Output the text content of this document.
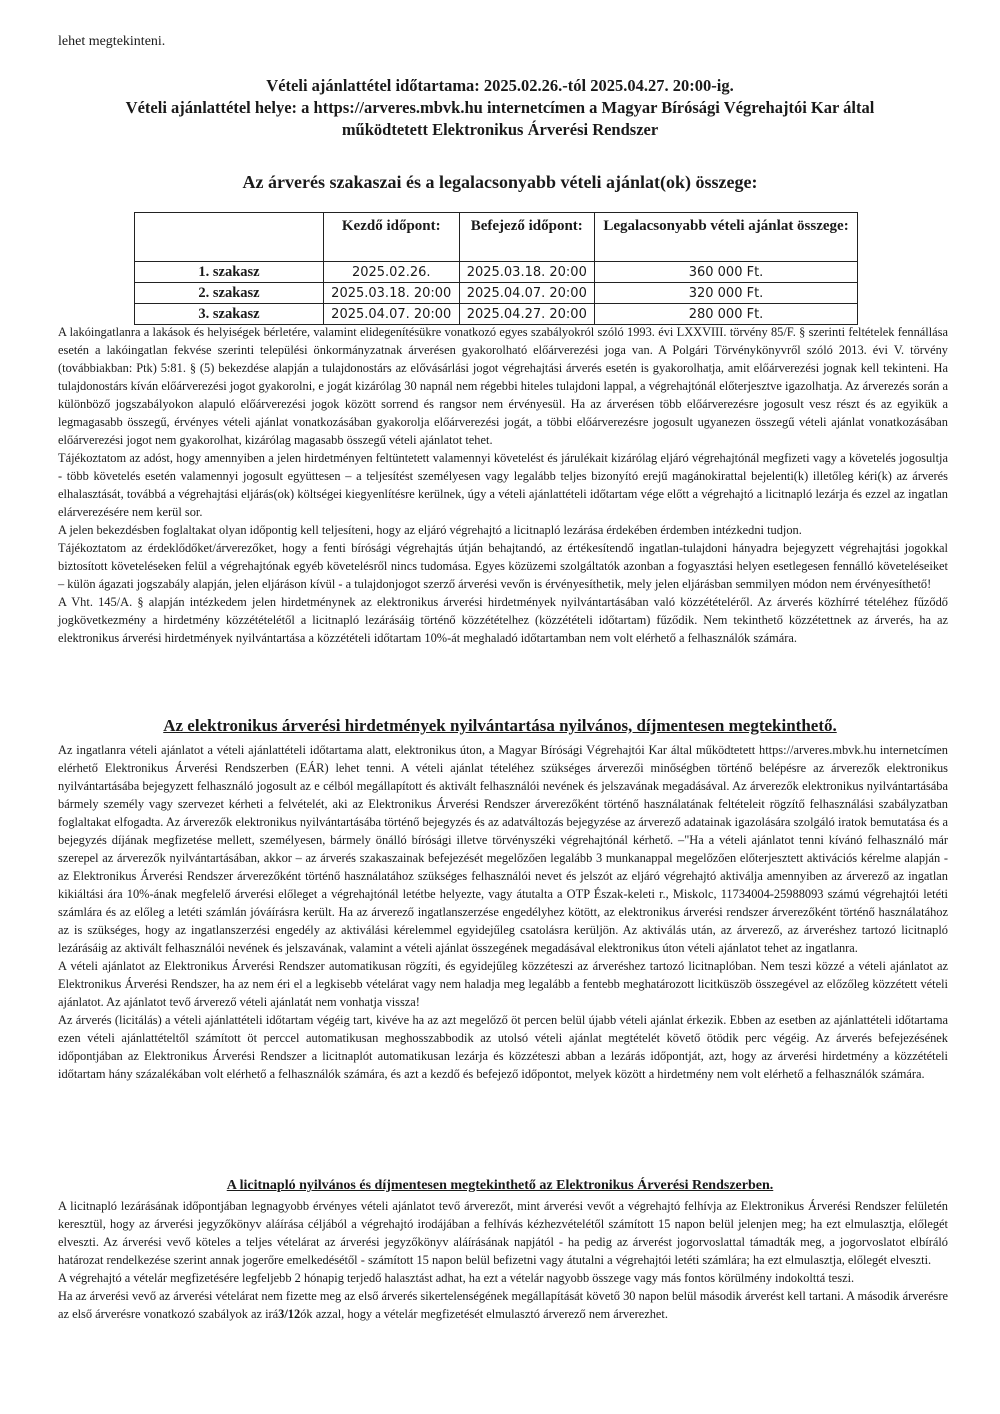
lehet megtekinteni.
Vételi ajánlattétel időtartama: 2025.02.26.-tól 2025.04.27. 20:00-ig.
Vételi ajánlattétel helye: a https://arveres.mbvk.hu internetcímen a Magyar Bírósági Végrehajtói Kar által
működtetett Elektronikus Árverési Rendszer
Az árverés szakaszai és a legalacsonyabb vételi ajánlat(ok) összege:
	Kezdő időpont:	Befejező időpont:	Legalacsonyabb vételi ajánlat összege:
1. szakasz	2025.02.26.	2025.03.18. 20:00	360 000 Ft.
2. szakasz	2025.03.18. 20:00	2025.04.07. 20:00	320 000 Ft.
3. szakasz	2025.04.07. 20:00	2025.04.27. 20:00	280 000 Ft.

A lakóingatlanra a lakások és helyiségek bérletére, valamint elidegenítésükre vonatkozó egyes szabályokról szóló 1993. évi LXXVIII. törvény 85/F. § szerinti feltételek fennállása esetén a lakóingatlan fekvése szerinti települési önkormányzatnak árverésen gyakorolható előárverezési joga van. A Polgári Törvénykönyvről szóló 2013. évi V. törvény (továbbiakban: Ptk) 5:81. § (5) bekezdése alapján a tulajdonostárs az elővásárlási jogot végrehajtási árverés esetén is gyakorolhatja, amit előárverezési jognak kell tekinteni. Ha tulajdonostárs kíván előárverezési jogot gyakorolni, e jogát kizárólag 30 napnál nem régebbi hiteles tulajdoni lappal, a végrehajtónál előterjesztve igazolhatja. Az árverezés során a különböző jogszabályokon alapuló előárverezési jogok között sorrend és rangsor nem érvényesül. Ha az árverésen több előárverezésre jogosult vesz részt és az egyikük a legmagasabb összegű, érvényes vételi ajánlat vonatkozásában gyakorolja előárverezési jogát, a többi előárverezésre jogosult ugyanezen összegű vételi ajánlat vonatkozásában előárverezési jogot nem gyakorolhat, kizárólag magasabb összegű vételi ajánlatot tehet.

Tájékoztatom az adóst, hogy amennyiben a jelen hirdetményen feltüntetett valamennyi követelést és járulékait kizárólag eljáró végrehajtónál megfizeti vagy a követelés jogosultja - több követelés esetén valamennyi jogosult együttesen – a teljesítést személyesen vagy legalább teljes bizonyító erejű magánokirattal bejelenti(k) illetőleg kéri(k) az árverés elhalasztását, továbbá a végrehajtási eljárás(ok) költségei kiegyenlítésre kerülnek, úgy a vételi ajánlattételi időtartam vége előtt a végrehajtó a licitnapló lezárja és ezzel az ingatlan elárverezésére nem kerül sor.

A jelen bekezdésben foglaltakat olyan időpontig kell teljesíteni, hogy az eljáró végrehajtó a licitnapló lezárása érdekében érdemben intézkedni tudjon.

Tájékoztatom az érdeklődőket/árverezőket, hogy a fenti bírósági végrehajtás útján behajtandó, az értékesítendő ingatlan-tulajdoni hányadra bejegyzett végrehajtási jogokkal biztosított követeléseken felül a végrehajtónak egyéb követelésről nincs tudomása. Egyes közüzemi szolgáltatók azonban a fogyasztási helyen esetlegesen fennálló követeléseiket – külön ágazati jogszabály alapján, jelen eljáráson kívül - a tulajdonjogot szerző árverési vevőn is érvényesíthetik, mely jelen eljárásban semmilyen módon nem érvényesíthető!

A Vht. 145/A. § alapján intézkedem jelen hirdetménynek az elektronikus árverési hirdetmények nyilvántartásában való közzétételéről. Az árverés közhírré tételéhez fűződő jogkövetkezmény a hirdetmény közzétételétől a licitnapló lezárásáig történő közzétételhez (közzétételi időtartam) fűződik. Nem tekinthető közzétettnek az árverés, ha az elektronikus árverési hirdetmények nyilvántartása a közzétételi időtartam 10%-át meghaladó időtartamban nem volt elérhető a felhasználók számára.

Az elektronikus árverési hirdetmények nyilvántartása nyilvános, díjmentesen megtekinthető.

Az ingatlanra vételi ajánlatot a vételi ajánlattételi időtartama alatt, elektronikus úton, a Magyar Bírósági Végrehajtói Kar által működtetett https://arveres.mbvk.hu internetcímen elérhető Elektronikus Árverési Rendszerben (EÁR) lehet tenni. A vételi ajánlat tételéhez szükséges árverezői minőségben történő belépésre az árverezők elektronikus nyilvántartásába bejegyzett felhasználó jogosult az e célból megállapított és aktivált felhasználói nevének és jelszavának megadásával. Az árverezők elektronikus nyilvántartásába bármely személy vagy szervezet kérheti a felvételét, aki az Elektronikus Árverési Rendszer árverezőként történő használatának feltételeit rögzítő felhasználási szabályzatban foglaltakat elfogadta. Az árverezők elektronikus nyilvántartásába történő bejegyzés és az adatváltozás bejegyzése az árverező adatainak igazolására szolgáló iratok bemutatása és a bejegyzés díjának megfizetése mellett, személyesen, bármely önálló bírósági illetve törvényszéki végrehajtónál kérhető. –"Ha a vételi ajánlatot tenni kívánó felhasználó már szerepel az árverezők nyilvántartásában, akkor – az árverés szakaszainak befejezését megelőzően legalább 3 munkanappal megelőzően előterjesztett aktivációs kérelme alapján - az Elektronikus Árverési Rendszer árverezőként történő használatához szükséges felhasználói nevet és jelszót az eljáró végrehajtó aktiválja amennyiben az árverező az ingatlan kikiáltási ára 10%-ának megfelelő árverési előleget a végrehajtónál letétbe helyezte, vagy átutalta a OTP Észak-keleti r., Miskolc, 11734004-25988093 számú végrehajtói letéti számlára és az előleg a letéti számlán jóváírásra került. Ha az árverező ingatlanszerzése engedélyhez kötött, az elektronikus árverési rendszer árverezőként történő használatához az is szükséges, hogy az ingatlanszerzési engedély az aktiválási kérelemmel egyidejűleg csatolásra kerüljön. Az aktiválás után, az árverező, az árveréshez tartozó licitnapló lezárásáig az aktivált felhasználói nevének és jelszavának, valamint a vételi ajánlat összegének megadásával elektronikus úton vételi ajánlatot tehet az ingatlanra.

A vételi ajánlatot az Elektronikus Árverési Rendszer automatikusan rögzíti, és egyidejűleg közzéteszi az árveréshez tartozó licitnaplóban. Nem teszi közzé a vételi ajánlatot az Elektronikus Árverési Rendszer, ha az nem éri el a legkisebb vételárat vagy nem haladja meg legalább a fentebb meghatározott licitküszöb összegével az előzőleg közzétett vételi ajánlatot. Az ajánlatot tevő árverező vételi ajánlatát nem vonhatja vissza!

Az árverés (licitálás) a vételi ajánlattételi időtartam végéig tart, kivéve ha az azt megelőző öt percen belül újabb vételi ajánlat érkezik. Ebben az esetben az ajánlattételi időtartama ezen vételi ajánlattételtől számított öt perccel automatikusan meghosszabbodik az utolsó vételi ajánlat megtételét követő ötödik perc végéig. Az árverés befejezésének időpontjában az Elektronikus Árverési Rendszer a licitnaplót automatikusan lezárja és közzéteszi abban a lezárás időpontját, azt, hogy az árverési hirdetmény a közzétételi időtartam hány százalékában volt elérhető a felhasználók számára, és azt a kezdő és befejező időpontot, melyek között a hirdetmény nem volt elérhető a felhasználók számára.

A licitnapló nyilvános és díjmentesen megtekinthető az Elektronikus Árverési Rendszerben.

A licitnapló lezárásának időpontjában legnagyobb érvényes vételi ajánlatot tevő árverezőt, mint árverési vevőt a végrehajtó felhívja az Elektronikus Árverési Rendszer felületén keresztül, hogy az árverési jegyzőkönyv aláírása céljából a végrehajtó irodájában a felhívás kézhezvételétől számított 15 napon belül jelenjen meg; ha ezt elmulasztja, előlegét elveszti. Az árverési vevő köteles a teljes vételárat az árverési jegyzőkönyv aláírásának napjától - ha pedig az árverést jogorvoslattal támadták meg, a jogorvoslatot elbíráló határozat rendelkezése szerint annak jogerőre emelkedésétől - számított 15 napon belül befizetni vagy átutalni a végrehajtói letéti számlára; ha ezt elmulasztja, előlegét elveszti.

A végrehajtó a vételár megfizetésére legfeljebb 2 hónapig terjedő halasztást adhat, ha ezt a vételár nagyobb összege vagy más fontos körülmény indokolttá teszi.

Ha az árverési vevő az árverési vételárat nem fizette meg az első árverés sikertelenségének megállapítását követő 30 napon belül második árverést kell tartani. A második árverésre az első árverésre vonatkozó szabályok az irá3/12ók azzal, hogy a vételár megfizetését elmulasztó árverező nem árverezhet.
